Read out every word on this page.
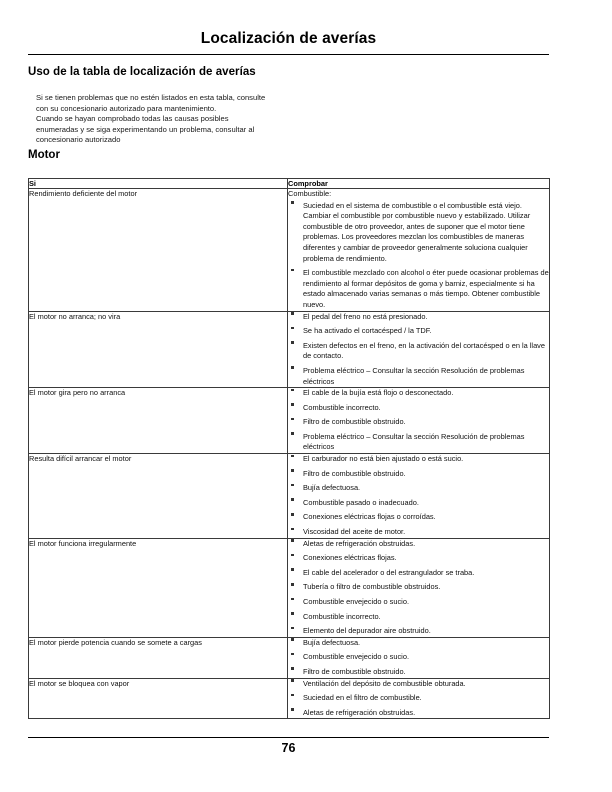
Localización de averías
Uso de la tabla de localización de averías
Si se tienen problemas que no estén listados en esta tabla, consulte
con su concesionario autorizado para mantenimiento.
Cuando se hayan comprobado todas las causas posibles
enumeradas y se siga experimentando un problema, consultar al
concesionario autorizado
Motor
Si	Comprobar
Rendimiento deficiente del motor	Combustible:
Suciedad en el sistema de combustible o el combustible está viejo. Cambiar el combustible por combustible nuevo y estabilizado. Utilizar combustible de otro proveedor, antes de suponer que el motor tiene problemas. Los proveedores mezclan los combustibles de maneras diferentes y cambiar de proveedor generalmente soluciona cualquier problema de rendimiento.
El combustible mezclado con alcohol o éter puede ocasionar problemas de rendimiento al formar depósitos de goma y barniz, especialmente si ha estado almacenado varias semanas o más tiempo. Obtener combustible nuevo.

El motor no arranca; no vira	El pedal del freno no está presionado.
Se ha activado el cortacésped / la TDF.
Existen defectos en el freno, en la activación del cortacésped o en la llave de contacto.
Problema eléctrico – Consultar la sección Resolución de problemas eléctricos

El motor gira pero no arranca	El cable de la bujía está flojo o desconectado.
Combustible incorrecto.
Filtro de combustible obstruido.
Problema eléctrico – Consultar la sección Resolución de problemas eléctricos

Resulta difícil arrancar el motor	El carburador no está bien ajustado o está sucio.
Filtro de combustible obstruido.
Bujía defectuosa.
Combustible pasado o inadecuado.
Conexiones eléctricas flojas o corroídas.
Viscosidad del aceite de motor.

El motor funciona irregularmente	Aletas de refrigeración obstruidas.
Conexiones eléctricas flojas.
El cable del acelerador o del estrangulador se traba.
Tubería o filtro de combustible obstruidos.
Combustible envejecido o sucio.
Combustible incorrecto.
Elemento del depurador aire obstruido.

El motor pierde potencia cuando se somete a cargas	Bujía defectuosa.
Combustible envejecido o sucio.
Filtro de combustible obstruido.

El motor se bloquea con vapor	Ventilación del depósito de combustible obturada.
Suciedad en el filtro de combustible.
Aletas de refrigeración obstruidas.
76
